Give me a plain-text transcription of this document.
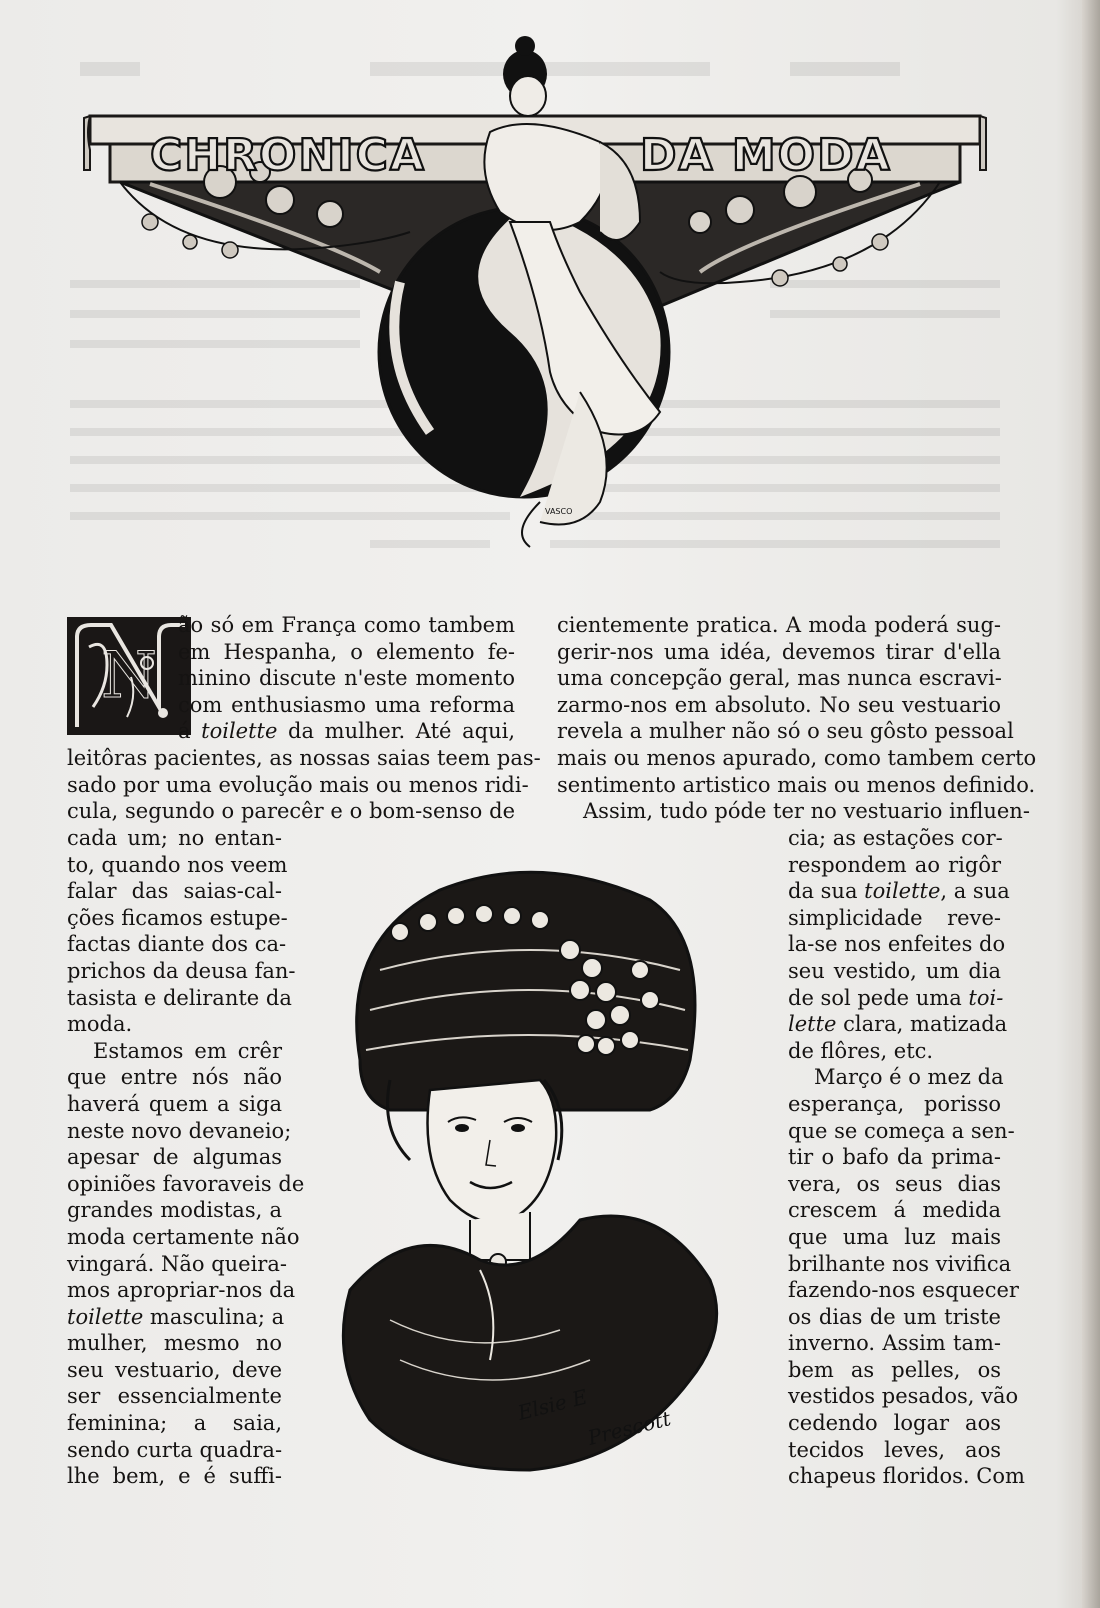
CHRONICA	DA MODA
VASCO
N
ão só em França como tambem
em Hespanha, o elemento fe-
minino discute n'este momento
com enthusiasmo uma reforma
á toilette da mulher. Até aqui,
leitôras pacientes, as nossas saias teem pas-
sado por uma evolução mais ou menos ridi-
cula, segundo o parecêr e o bom-senso de
cada um; no entan-
to, quando nos veem
falar das saias-cal-
ções ficamos estupe-
factas diante dos ca-
prichos da deusa fan-
tasista e delirante da
moda.
Estamos em crêr
que entre nós não
haverá quem a siga
neste novo devaneio;
apesar de algumas
opiniões favoraveis de
grandes modistas, a
moda certamente não
vingará. Não queira-
mos apropriar-nos da
toilette masculina; a
mulher, mesmo no
seu vestuario, deve
ser essencialmente
feminina; a saia,
sendo curta quadra-
lhe bem, e é suffi-
cientemente pratica. A moda poderá sug-
gerir-nos uma idéa, devemos tirar d'ella
uma concepção geral, mas nunca escravi-
zarmo-nos em absoluto. No seu vestuario
revela a mulher não só o seu gôsto pessoal
mais ou menos apurado, como tambem certo
sentimento artistico mais ou menos definido.
Assim, tudo póde ter no vestuario influen-
cia; as estações cor-
respondem ao rigôr
da sua toilette, a sua
simplicidade reve-
la-se nos enfeites do
seu vestido, um dia
de sol pede uma toi-
lette clara, matizada
de flôres, etc.
Março é o mez da
esperança, porisso
que se começa a sen-
tir o bafo da prima-
vera, os seus dias
crescem á medida
que uma luz mais
brilhante nos vivifica
fazendo-nos esquecer
os dias de um triste
inverno. Assim tam-
bem as pelles, os
vestidos pesados, vão
cedendo logar aos
tecidos leves, aos
chapeus floridos. Com
Elsie E
Prescott
